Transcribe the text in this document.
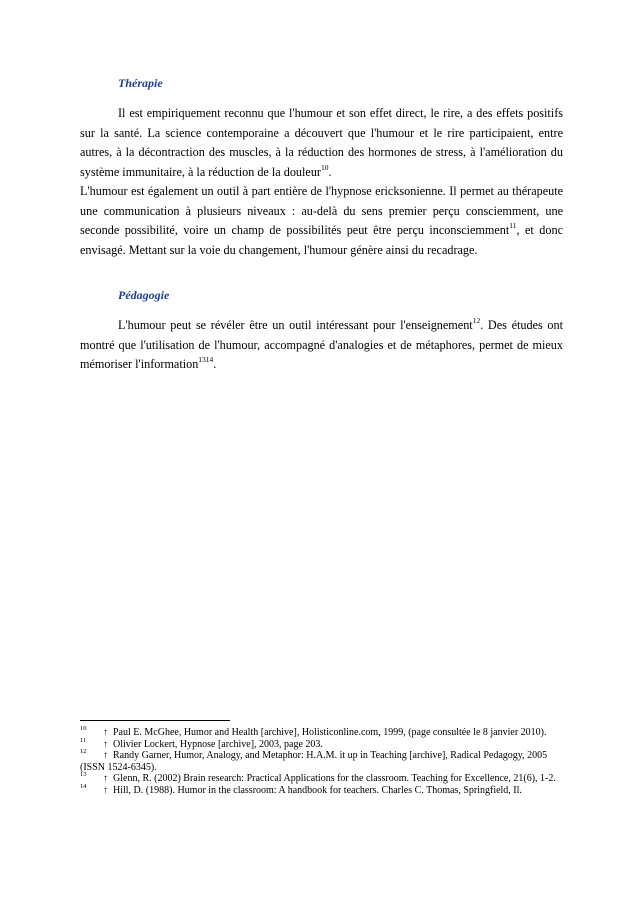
Thérapie

Il est empiriquement reconnu que l'humour et son effet direct, le rire, a des effets positifs sur la santé. La science contemporaine a découvert que l'humour et le rire participaient, entre autres, à la décontraction des muscles, à la réduction des hormones de stress, à l'amélioration du système immunitaire, à la réduction de la douleur$^{10}$.

L'humour est également un outil à part entière de l'hypnose ericksonienne. Il permet au thérapeute une communication à plusieurs niveaux : au-delà du sens premier perçu consciemment, une seconde possibilité, voire un champ de possibilités peut être perçu inconsciemment$^{11}$, et donc envisagé. Mettant sur la voie du changement, l'humour génère ainsi du recadrage.

Pédagogie

L'humour peut se révéler être un outil intéressant pour l'enseignement$^{12}$. Des études ont montré que l'utilisation de l'humour, accompagné d'analogies et de métaphores, permet de mieux mémoriser l'information$^{1314}$.

10 ↑ Paul E. McGhee, Humor and Health [archive], Holisticonline.com, 1999, (page consultée le 8 janvier 2010).

11 ↑ Olivier Lockert, Hypnose [archive], 2003, page 203.

12 ↑ Randy Garner, Humor, Analogy, and Metaphor: H.A.M. it up in Teaching [archive], Radical Pedagogy, 2005 (ISSN 1524-6345).

13 ↑ Glenn, R. (2002) Brain research: Practical Applications for the classroom. Teaching for Excellence, 21(6), 1-2.

14 ↑ Hill, D. (1988). Humor in the classroom: A handbook for teachers. Charles C. Thomas, Springfield, Il.
